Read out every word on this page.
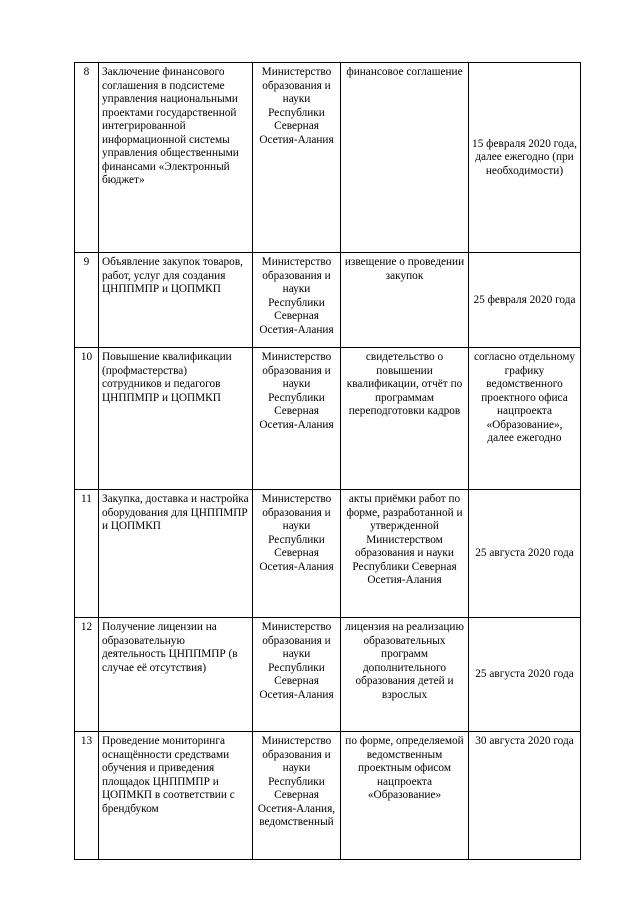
8	Заключение финансового соглашения в подсистеме управления национальными проектами государственной интегрированной информационной системы управления общественными финансами «Электронный бюджет»	Министерство образования и науки Республики Северная Осетия-Алания	финансовое соглашение	15 февраля 2020 года, далее ежегодно (при необходимости)
9	Объявление закупок товаров, работ, услуг для создания ЦНППМПР и ЦОПМКП	Министерство образования и науки Республики Северная Осетия-Алания	извещение о проведении закупок	25 февраля 2020 года
10	Повышение квалификации (профмастерства) сотрудников и педагогов ЦНППМПР и ЦОПМКП	Министерство образования и науки Республики Северная Осетия-Алания	свидетельство о повышении квалификации, отчёт по программам переподготовки кадров	согласно отдельному графику ведомственного проектного офиса нацпроекта «Образование», далее ежегодно
11	Закупка, доставка и настройка оборудования для ЦНППМПР и ЦОПМКП	Министерство образования и науки Республики Северная Осетия-Алания	акты приёмки работ по форме, разработанной и утвержденной Министерством образования и науки Республики Северная Осетия-Алания	25 августа 2020 года
12	Получение лицензии на образовательную деятельность ЦНППМПР (в случае её отсутствия)	Министерство образования и науки Республики Северная Осетия-Алания	лицензия на реализацию образовательных программ дополнительного образования детей и взрослых	25 августа 2020 года
13	Проведение мониторинга оснащённости средствами обучения и приведения площадок ЦНППМПР и ЦОПМКП в соответствии с брендбуком	Министерство образования и науки Республики Северная Осетия-Алания, ведомственный	по форме, определяемой ведомственным проектным офисом нацпроекта «Образование»	30 августа 2020 года
